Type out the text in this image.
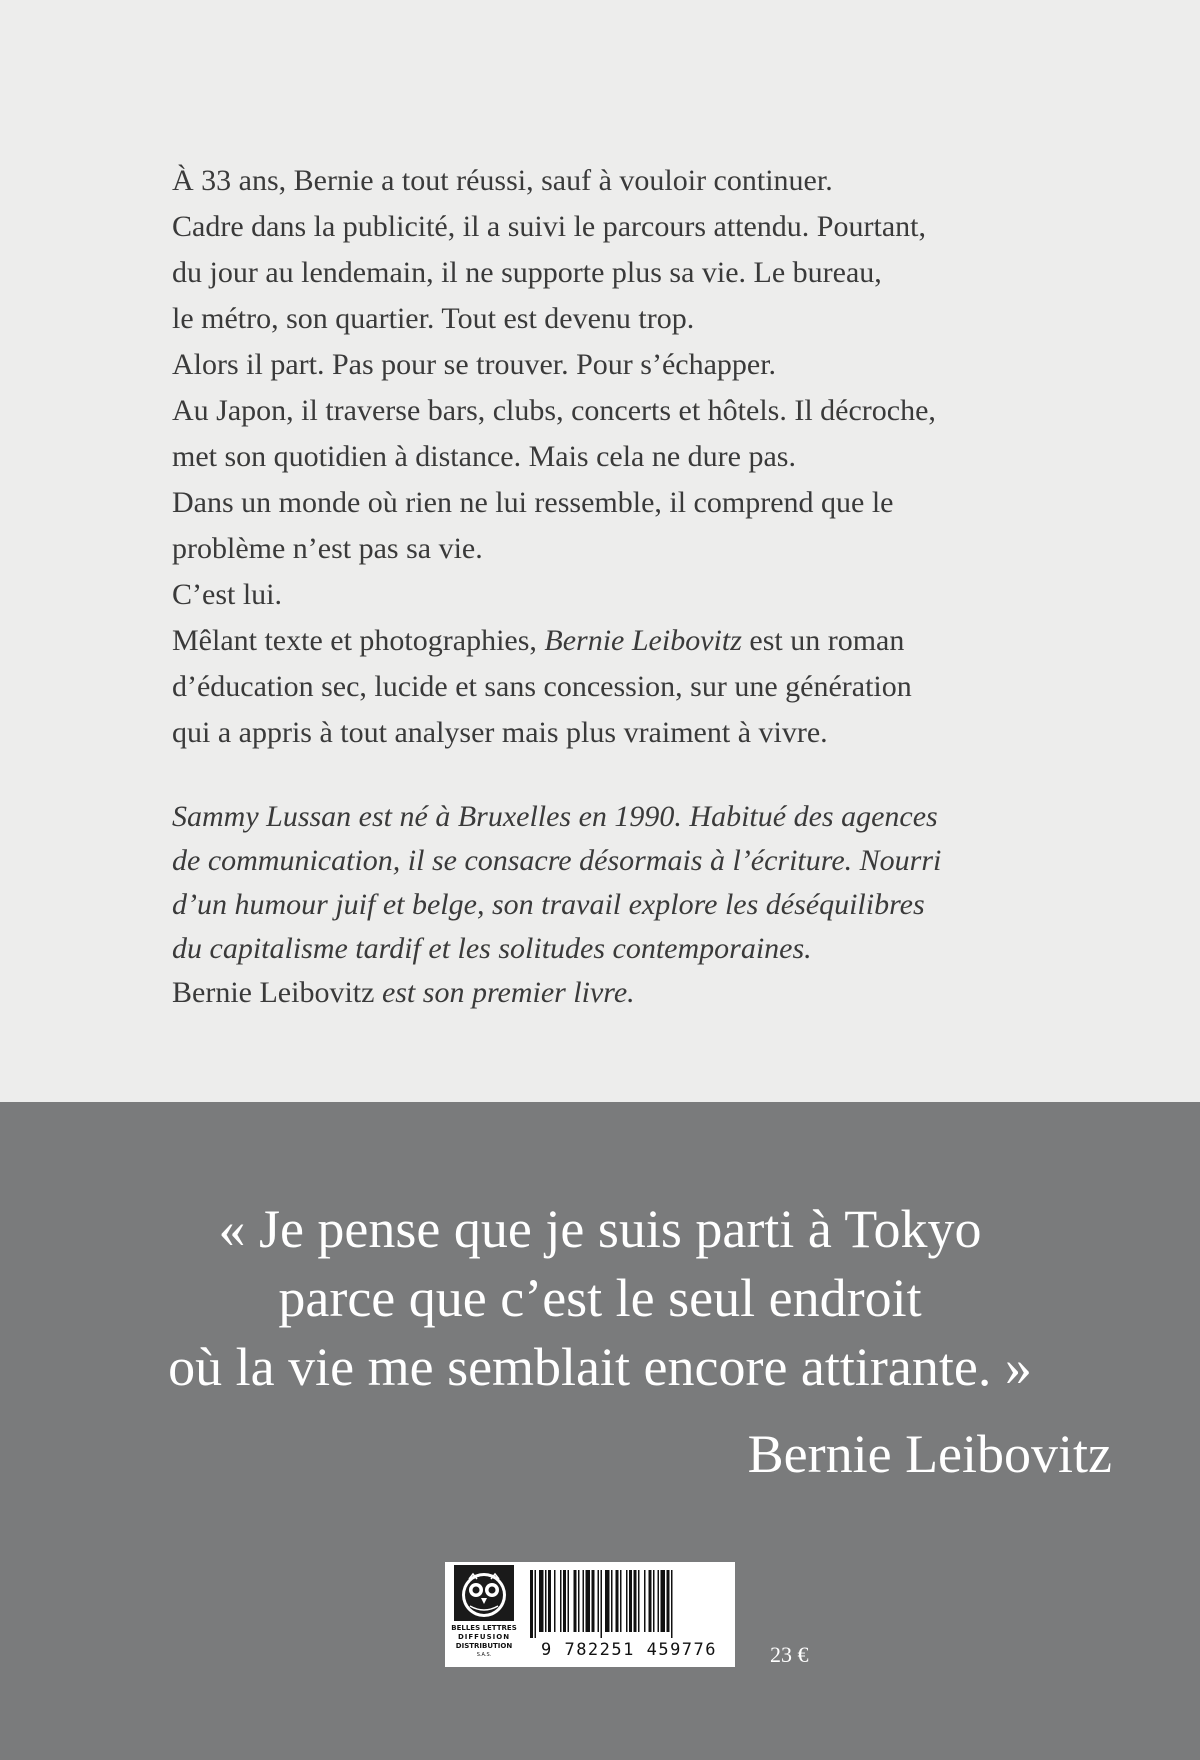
À 33 ans, Bernie a tout réussi, sauf à vouloir continuer.
Cadre dans la publicité, il a suivi le parcours attendu. Pourtant,
du jour au lendemain, il ne supporte plus sa vie. Le bureau,
le métro, son quartier. Tout est devenu trop.
Alors il part. Pas pour se trouver. Pour s’échapper.
Au Japon, il traverse bars, clubs, concerts et hôtels. Il décroche,
met son quotidien à distance. Mais cela ne dure pas.
Dans un monde où rien ne lui ressemble, il comprend que le
problème n’est pas sa vie.
C’est lui.
Mêlant texte et photographies, Bernie Leibovitz est un roman
d’éducation sec, lucide et sans concession, sur une génération
qui a appris à tout analyser mais plus vraiment à vivre.
Sammy Lussan est né à Bruxelles en 1990. Habitué des agences
de communication, il se consacre désormais à l’écriture. Nourri
d’un humour juif et belge, son travail explore les déséquilibres
du capitalisme tardif et les solitudes contemporaines.
Bernie Leibovitz est son premier livre.
« Je pense que je suis parti à Tokyo
parce que c’est le seul endroit
où la vie me semblait encore attirante. »
Bernie Leibovitz
BELLES LETTRES
DIFFUSION
DISTRIBUTION
S.A.S.	9 782251 459776	23 €
